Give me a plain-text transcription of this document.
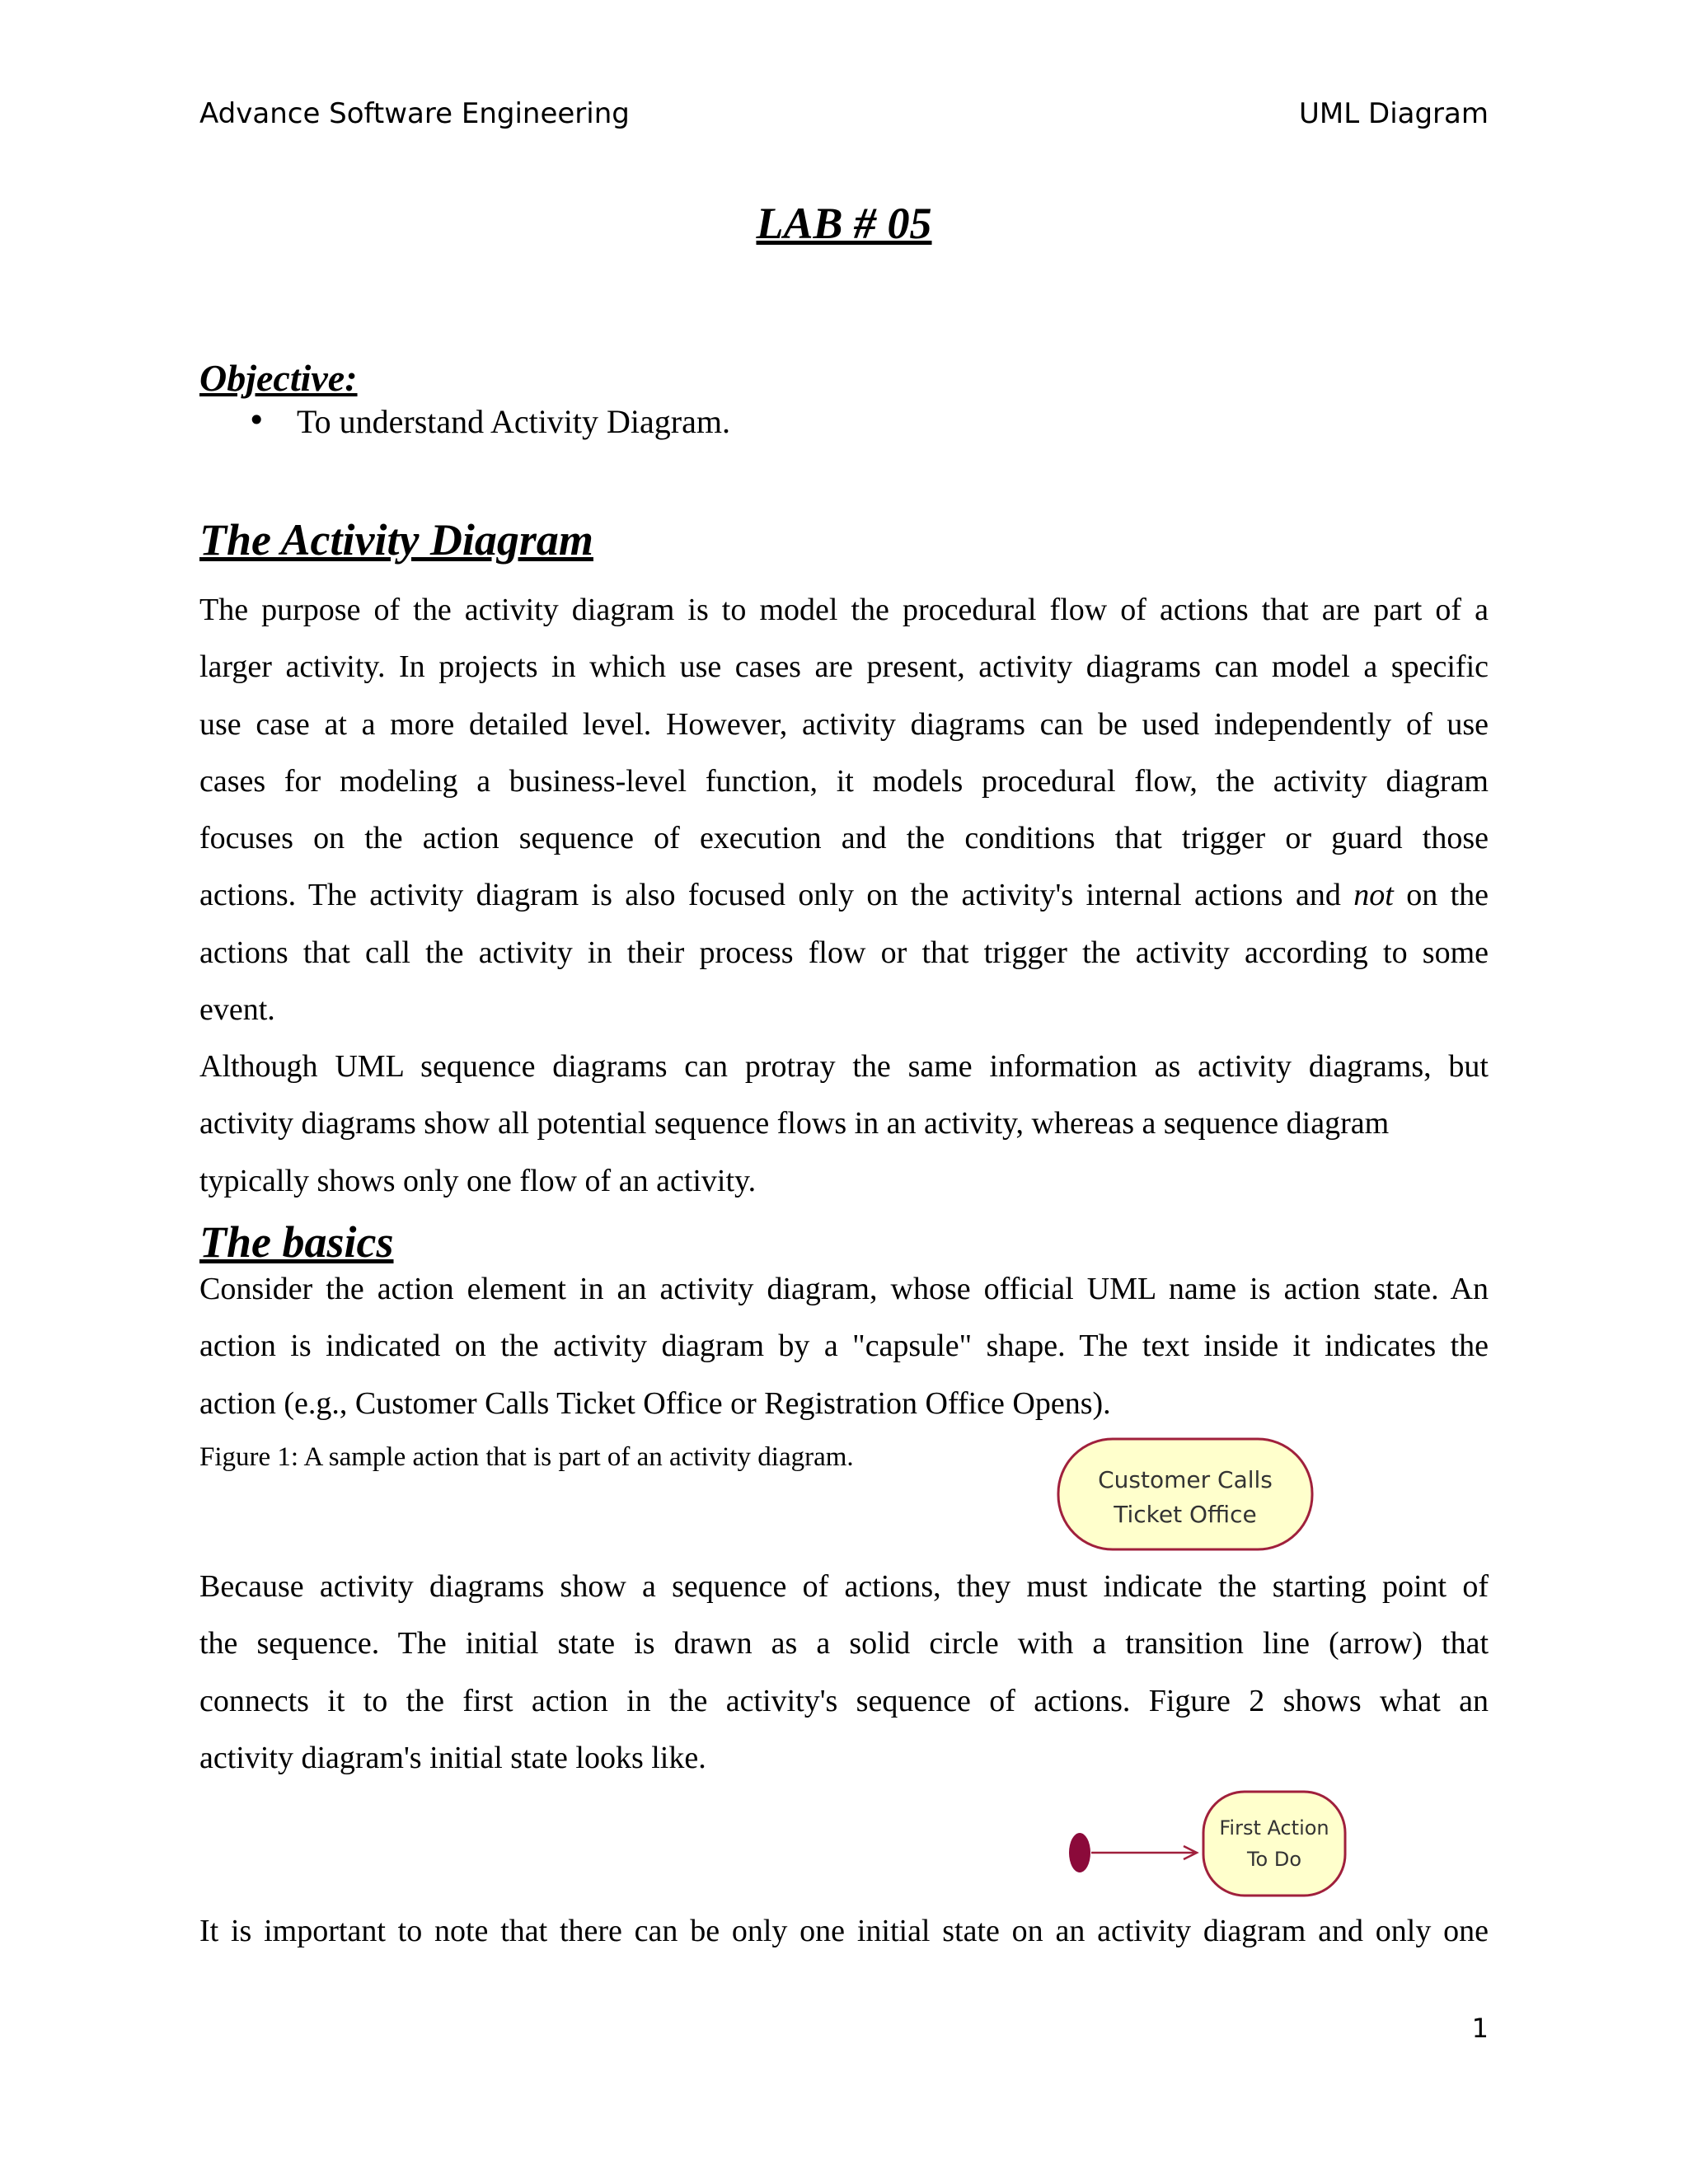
Advance Software Engineering	UML Diagram
LAB # 05
Objective:
• To understand Activity Diagram.
The Activity Diagram
The purpose of the activity diagram is to model the procedural flow of actions that are part of a
larger activity. In projects in which use cases are present, activity diagrams can model a specific
use case at a more detailed level. However, activity diagrams can be used independently of use
cases for modeling a business-level function, it models procedural flow, the activity diagram
focuses on the action sequence of execution and the conditions that trigger or guard those
actions. The activity diagram is also focused only on the activity's internal actions and not on the
actions that call the activity in their process flow or that trigger the activity according to some
event.
Although UML sequence diagrams can protray the same information as activity diagrams, but
activity diagrams show all potential sequence flows in an activity, whereas a sequence diagram
typically shows only one flow of an activity.
The basics
Consider the action element in an activity diagram, whose official UML name is action state. An
action is indicated on the activity diagram by a "capsule" shape. The text inside it indicates the
action (e.g., Customer Calls Ticket Office or Registration Office Opens).
Figure 1: A sample action that is part of an activity diagram.
Customer Calls
Ticket Office
Because activity diagrams show a sequence of actions, they must indicate the starting point of
the sequence. The initial state is drawn as a solid circle with a transition line (arrow) that
connects it to the first action in the activity's sequence of actions. Figure 2 shows what an
activity diagram's initial state looks like.
First Action
To Do
It is important to note that there can be only one initial state on an activity diagram and only one
1
